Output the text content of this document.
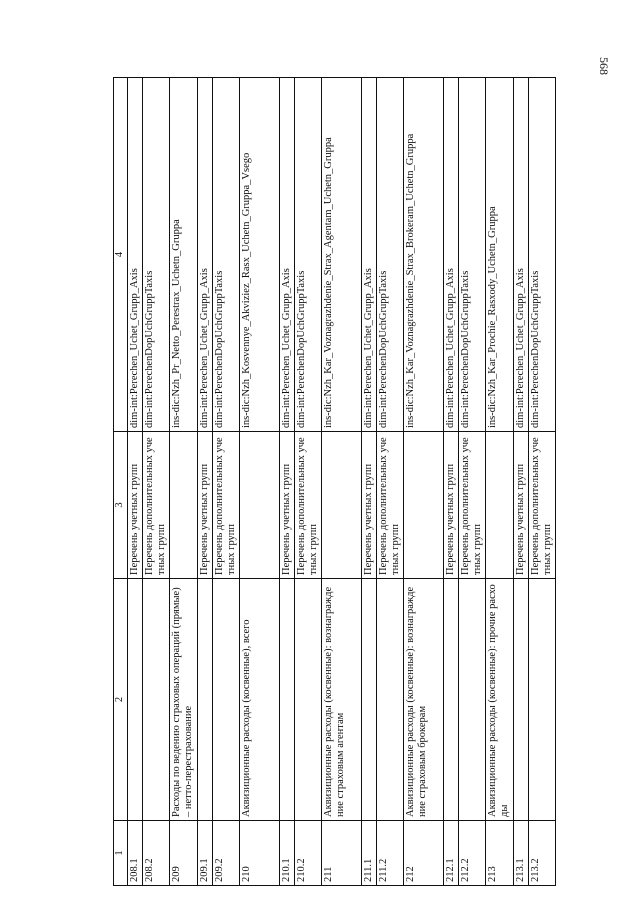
568
1	2	3	4
208.1		Перечень учетных групп	dim-int:Perechen_Uchet_Grupp_Axis
208.2		Перечень дополнительных учетных групп	dim-int:PerechenDopUchGruppTaxis
209	Расходы по ведению страховых операций (прямые) – нетто-перестрахование		ins-dic:Nzh_Pr_Netto_Perestrax_Uchetn_Gruppa
209.1		Перечень учетных групп	dim-int:Perechen_Uchet_Grupp_Axis
209.2		Перечень дополнительных учетных групп	dim-int:PerechenDopUchGruppTaxis
210	Аквизиционные расходы (косвенные), всего		ins-dic:Nzh_Kosvennye_Akviziez_Rasx_Uchetn_Gruppa_Vsego
210.1		Перечень учетных групп	dim-int:Perechen_Uchet_Grupp_Axis
210.2		Перечень дополнительных учетных групп	dim-int:PerechenDopUchGruppTaxis
211	Аквизиционные расходы (косвенные): вознаграждение страховым агентам		ins-dic:Nzh_Kar_Voznagrazhdenie_Strax_Agentam_Uchetn_Gruppa
211.1		Перечень учетных групп	dim-int:Perechen_Uchet_Grupp_Axis
211.2		Перечень дополнительных учетных групп	dim-int:PerechenDopUchGruppTaxis
212	Аквизиционные расходы (косвенные): вознаграждение страховым брокерам		ins-dic:Nzh_Kar_Voznagrazhdenie_Strax_Brokeram_Uchetn_Gruppa
212.1		Перечень учетных групп	dim-int:Perechen_Uchet_Grupp_Axis
212.2		Перечень дополнительных учетных групп	dim-int:PerechenDopUchGruppTaxis
213	Аквизиционные расходы (косвенные): прочие расходы		ins-dic:Nzh_Kar_Prochie_Rasxody_Uchetn_Gruppa
213.1		Перечень учетных групп	dim-int:Perechen_Uchet_Grupp_Axis
213.2		Перечень дополнительных учетных групп	dim-int:PerechenDopUchGruppTaxis
